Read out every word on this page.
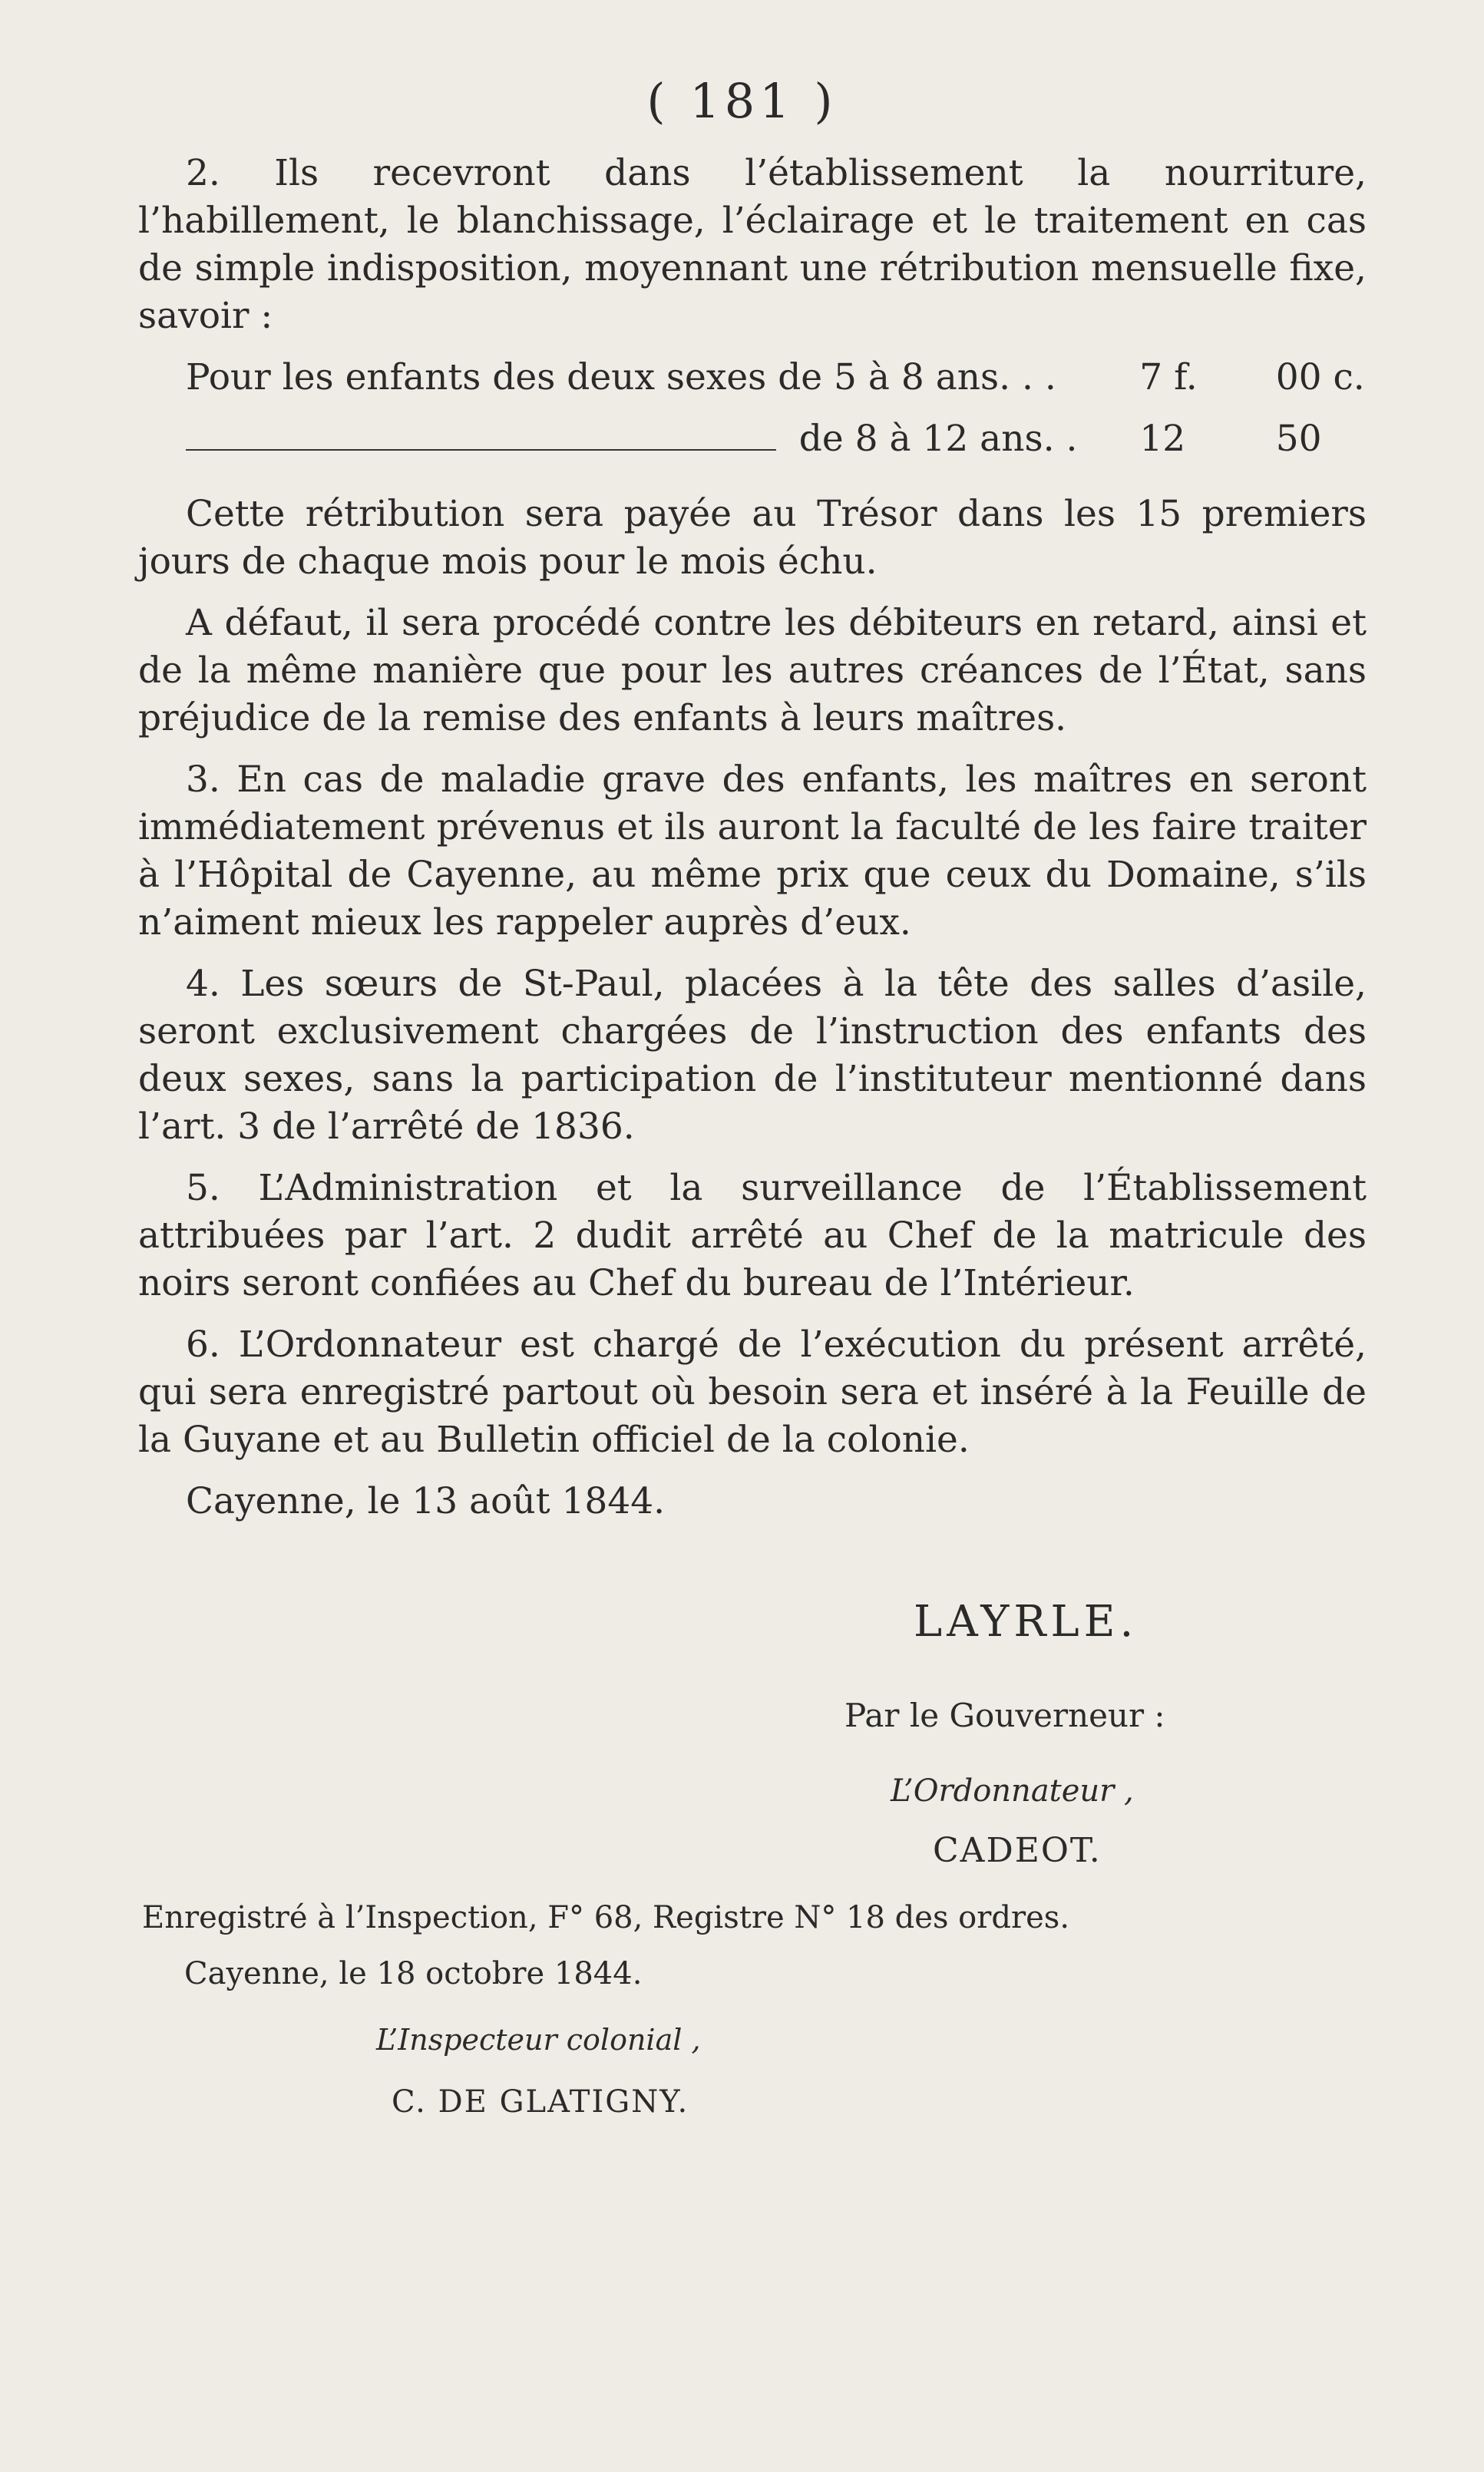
( 181 )

2. Ils recevront dans l’établissement la nourriture, l’habillement, le blanchissage, l’éclairage et le traitement en cas de simple indisposition, moyennant une rétribution mensuelle fixe, savoir :

Pour les enfants des deux sexes de 5 à 8 ans. . .	7 f.	00 c.
de 8 à 12 ans. .	12	50

Cette rétribution sera payée au Trésor dans les 15 premiers jours de chaque mois pour le mois échu.

A défaut, il sera procédé contre les débiteurs en retard, ainsi et de la même manière que pour les autres créances de l’État, sans préjudice de la remise des enfants à leurs maîtres.

3. En cas de maladie grave des enfants, les maîtres en seront immédiatement prévenus et ils auront la faculté de les faire traiter à l’Hôpital de Cayenne, au même prix que ceux du Domaine, s’ils n’aiment mieux les rappeler auprès d’eux.

4. Les sœurs de St-Paul, placées à la tête des salles d’asile, seront exclusivement chargées de l’instruction des enfants des deux sexes, sans la participation de l’instituteur mentionné dans l’art. 3 de l’arrêté de 1836.

5. L’Administration et la surveillance de l’Établissement attribuées par l’art. 2 dudit arrêté au Chef de la matricule des noirs seront confiées au Chef du bureau de l’Intérieur.

6. L’Ordonnateur est chargé de l’exécution du présent arrêté, qui sera enregistré partout où besoin sera et inséré à la Feuille de la Guyane et au Bulletin officiel de la colonie.

Cayenne, le 13 août 1844.

LAYRLE.
Par le Gouverneur :
L’Ordonnateur ,
CADEOT.
Enregistré à l’Inspection, F° 68, Registre N° 18 des ordres.
Cayenne, le 18 octobre 1844.
L’Inspecteur colonial ,
C. DE GLATIGNY.
